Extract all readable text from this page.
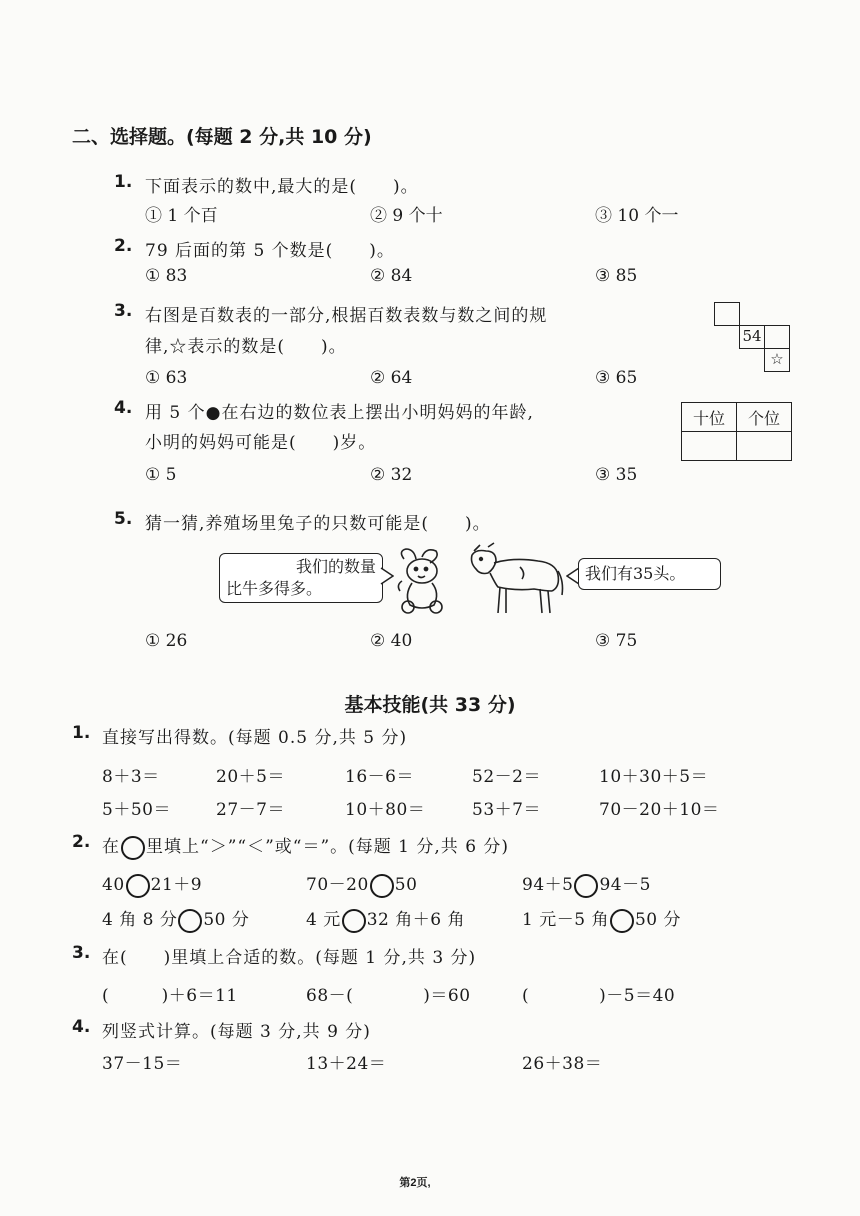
二、选择题。(每题 2 分,共 10 分)
1. 下面表示的数中,最大的是(　　)。
① 1 个百	② 9 个十	③ 10 个一
2. 79 后面的第 5 个数是(　　)。
① 83	② 84	③ 85
3. 右图是百数表的一部分,根据百数表数与数之间的规
律,☆表示的数是(　　)。
① 63	② 64	③ 65
54
☆
4. 用 5 个●在右边的数位表上摆出小明妈妈的年龄,
小明的妈妈可能是(　　)岁。
① 5	② 32	③ 35
十位	个位

5. 猜一猜,养殖场里兔子的只数可能是(　　)。
我们的数量
比牛多得多。
我们有35头。
① 26	② 40	③ 75
基本技能(共 33 分)
1. 直接写出得数。(每题 0.5 分,共 5 分)
8＋3＝	20＋5＝	16－6＝	52－2＝	10＋30＋5＝
5＋50＝	27－7＝	10＋80＝	53＋7＝	70－20＋10＝
2. 在 里填上“＞”“＜”或“＝”。(每题 1 分,共 6 分)
40 21＋9	70－20 50	94＋5 94－5
4 角 8 分 50 分	4 元 32 角＋6 角	1 元－5 角 50 分
3. 在(　　)里填上合适的数。(每题 1 分,共 3 分)
(　　　)＋6＝11	68－(　　　　)＝60	(　　　　)－5＝40
4. 列竖式计算。(每题 3 分,共 9 分)
37－15＝	13＋24＝	26＋38＝
第2页,
